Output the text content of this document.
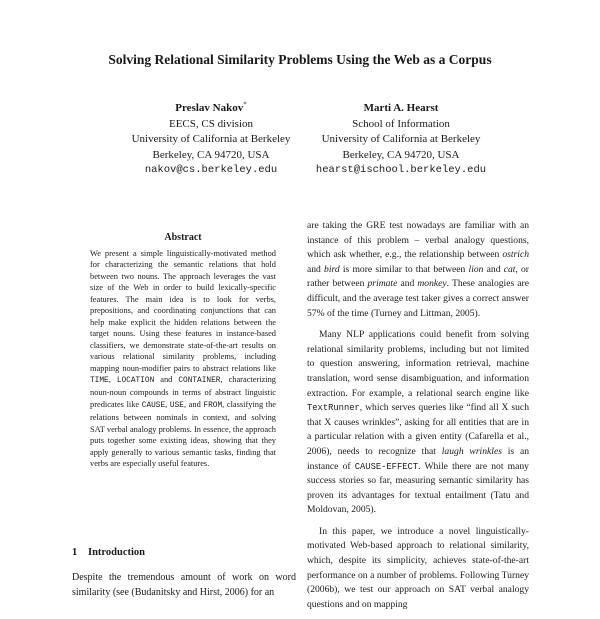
Solving Relational Similarity Problems Using the Web as a Corpus
Preslav Nakov*
EECS, CS division
University of California at Berkeley
Berkeley, CA 94720, USA
nakov@cs.berkeley.edu
Marti A. Hearst
School of Information
University of California at Berkeley
Berkeley, CA 94720, USA
hearst@ischool.berkeley.edu
Abstract
We present a simple linguistically-motivated method for characterizing the semantic relations that hold between two nouns. The approach leverages the vast size of the Web in order to build lexically-specific features. The main idea is to look for verbs, prepositions, and coordinating conjunctions that can help make explicit the hidden relations between the target nouns. Using these features in instance-based classifiers, we demonstrate state-of-the-art results on various relational similarity problems, including mapping noun-modifier pairs to abstract relations like TIME, LOCATION and CONTAINER, characterizing noun-noun compounds in terms of abstract linguistic predicates like CAUSE, USE, and FROM, classifying the relations between nominals in context, and solving SAT verbal analogy problems. In essence, the approach puts together some existing ideas, showing that they apply generally to various semantic tasks, finding that verbs are especially useful features.
1 Introduction
Despite the tremendous amount of work on word similarity (see (Budanitsky and Hirst, 2006) for an

are taking the GRE test nowadays are familiar with an instance of this problem – verbal analogy questions, which ask whether, e.g., the relationship between ostrich and bird is more similar to that between lion and cat, or rather between primate and monkey. These analogies are difficult, and the average test taker gives a correct answer 57% of the time (Turney and Littman, 2005).

Many NLP applications could benefit from solving relational similarity problems, including but not limited to question answering, information retrieval, machine translation, word sense disambiguation, and information extraction. For example, a relational search engine like TextRunner, which serves queries like “find all X such that X causes wrinkles”, asking for all entities that are in a particular relation with a given entity (Cafarella et al., 2006), needs to recognize that laugh wrinkles is an instance of CAUSE-EFFECT. While there are not many success stories so far, measuring semantic similarity has proven its advantages for textual entailment (Tatu and Moldovan, 2005).

In this paper, we introduce a novel linguistically-motivated Web-based approach to relational similarity, which, despite its simplicity, achieves state-of-the-art performance on a number of problems. Following Turney (2006b), we test our approach on SAT verbal analogy questions and on mapping
